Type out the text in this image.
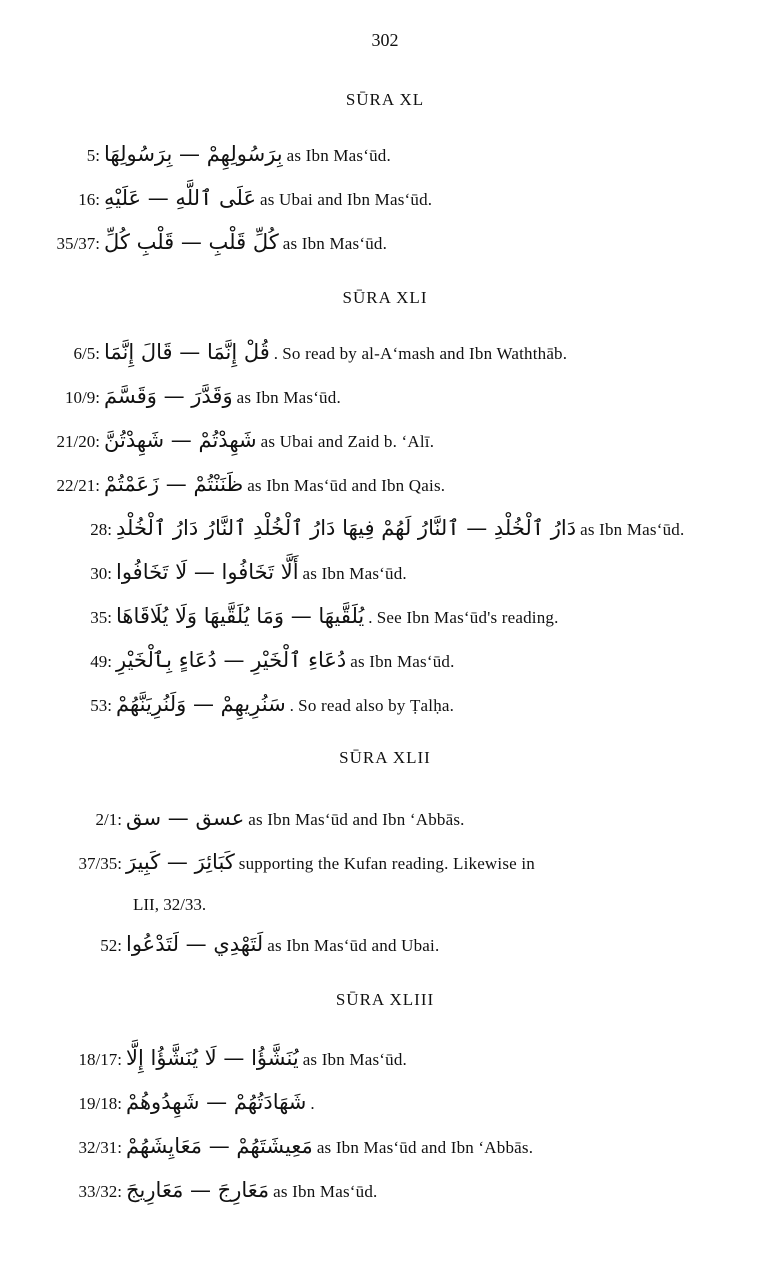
302
SŪRA XL
5: بِرَسُولِهِمْ — بِرَسُولِهَا as Ibn Mas‘ūd.
16: عَلَى ٱللَّهِ — عَلَيْهِ as Ubai and Ibn Mas‘ūd.
35/37: كُلِّ قَلْبِ — قَلْبِ كُلِّ as Ibn Mas‘ūd.
SŪRA XLI
6/5: قُلْ إِنَّمَا — قَالَ إِنَّمَا . So read by al-A‘mash and Ibn Waththāb.
10/9: وَقَدَّرَ — وَقَسَّمَ as Ibn Mas‘ūd.
21/20: شَهِدْتُمْ — شَهِدْتُنَّ as Ubai and Zaid b. ‘Alī.
22/21: ظَنَنْتُمْ — زَعَمْتُمْ as Ibn Mas‘ūd and Ibn Qais.
28: دَارُ ٱلْخُلْدِ — ٱلنَّارُ لَهُمْ فِيهَا دَارُ ٱلْخُلْدِ ٱلنَّارُ دَارُ ٱلْخُلْدِ as Ibn Mas‘ūd.
30: أَلَّا تَخَافُوا — لَا تَخَافُوا as Ibn Mas‘ūd.
35: يُلَقَّيهَا — وَمَا يُلَقَّيهَا وَلَا يُلَاقَاهَا . See Ibn Mas‘ūd's reading.
49: دُعَاءِ ٱلْخَيْرِ — دُعَاءٍ بِٱلْخَيْرِ as Ibn Mas‘ūd.
53: سَنُرِيهِمْ — وَلَنُرِيَنَّهُمْ . So read also by Ṭalḥa.
SŪRA XLII
2/1: عسق — سق as Ibn Mas‘ūd and Ibn ‘Abbās.
37/35: كَبَائِرَ — كَبِيرَ supporting the Kufan reading. Likewise in
LII, 32/33.
52: لَتَهْدِي — لَتَدْعُوا as Ibn Mas‘ūd and Ubai.
SŪRA XLIII
18/17: يُنَشَّؤُا — لَا يُنَشَّؤُا إِلَّا as Ibn Mas‘ūd.
19/18: شَهَادَتُهُمْ — شَهِدُوهُمْ .
32/31: مَعِيشَتَهُمْ — مَعَايِشَهُمْ as Ibn Mas‘ūd and Ibn ‘Abbās.
33/32: مَعَارِجَ — مَعَارِيجَ as Ibn Mas‘ūd.
